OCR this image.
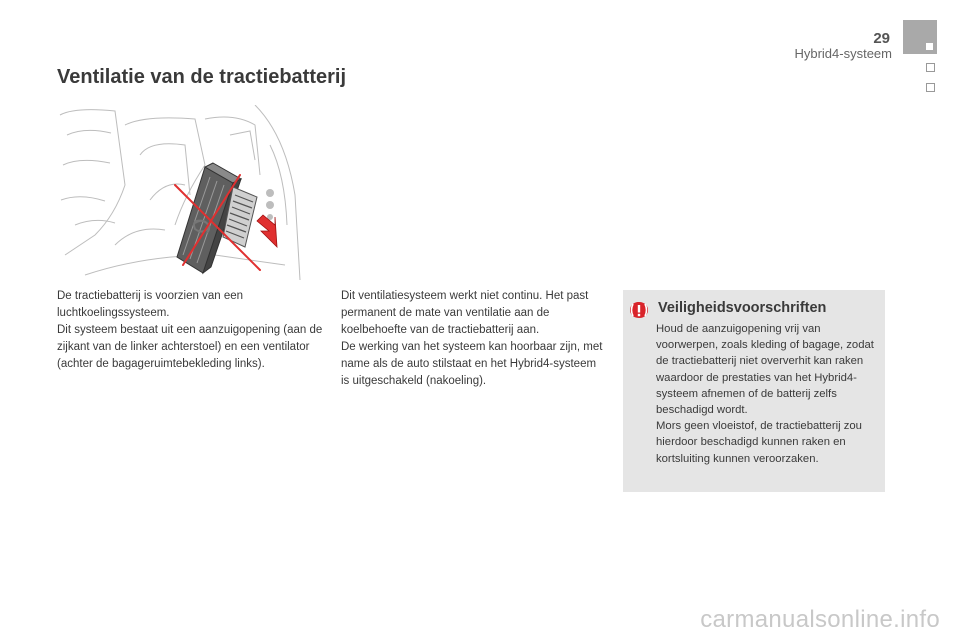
29
Hybrid4-systeem
Ventilatie van de tractiebatterij

De tractiebatterij is voorzien van een luchtkoelingssysteem.

Dit systeem bestaat uit een aanzuigopening (aan de zijkant van de linker achterstoel) en een ventilator (achter de bagageruimtebekleding links).

Dit ventilatiesysteem werkt niet continu. Het past permanent de mate van ventilatie aan de koelbehoefte van de tractiebatterij aan.

De werking van het systeem kan hoorbaar zijn, met name als de auto stilstaat en het Hybrid4-systeem is uitgeschakeld (nakoeling).

Veiligheidsvoorschriften

Houd de aanzuigopening vrij van voorwerpen, zoals kleding of bagage, zodat de tractiebatterij niet oververhit kan raken waardoor de prestaties van het Hybrid4-systeem afnemen of de batterij zelfs beschadigd wordt.

Mors geen vloeistof, de tractiebatterij zou hierdoor beschadigd kunnen raken en kortsluiting kunnen veroorzaken.

carmanualsonline.info
